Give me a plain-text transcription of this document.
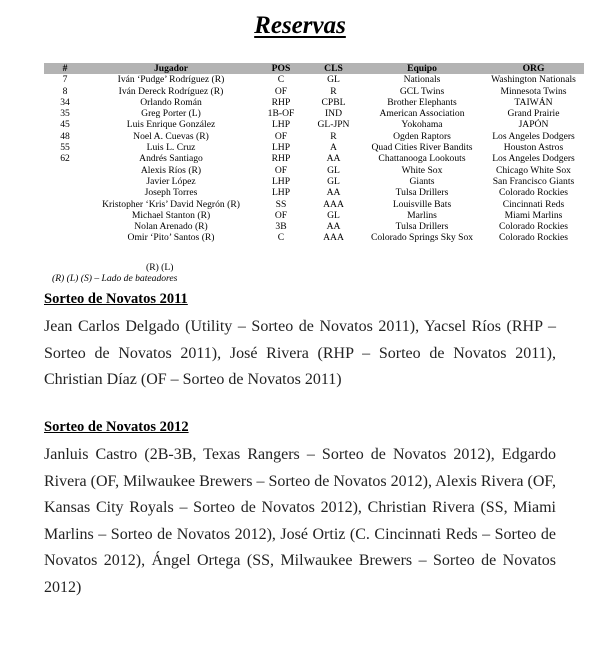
Reservas
#	Jugador	POS	CLS	Equipo	ORG
7	Iván ‘Pudge’ Rodríguez (R)	C	GL	Nationals	Washington Nationals
8	Iván Dereck Rodríguez (R)	OF	R	GCL Twins	Minnesota Twins
34	Orlando Román	RHP	CPBL	Brother Elephants	TAIWÁN
35	Greg Porter (L)	1B-OF	IND	American Association	Grand Prairie
45	Luis Enrique González	LHP	GL-JPN	Yokohama	JAPÓN
48	Noel A. Cuevas (R)	OF	R	Ogden Raptors	Los Angeles Dodgers
55	Luis L. Cruz	LHP	A	Quad Cities River Bandits	Houston Astros
62	Andrés Santiago	RHP	AA	Chattanooga Lookouts	Los Angeles Dodgers
	Alexis Ríos (R)	OF	GL	White Sox	Chicago White Sox
	Javier López	LHP	GL	Giants	San Francisco Giants
	Joseph Torres	LHP	AA	Tulsa Drillers	Colorado Rockies
	Kristopher ‘Kris’ David Negrón (R)	SS	AAA	Louisville Bats	Cincinnati Reds
	Michael Stanton (R)	OF	GL	Marlins	Miami Marlins
	Nolan Arenado (R)	3B	AA	Tulsa Drillers	Colorado Rockies
	Omir ‘Pito’ Santos (R)	C	AAA	Colorado Springs Sky Sox	Colorado Rockies
(R) (L)
(R) (L) (S) – Lado de bateadores
Sorteo de Novatos 2011

Jean Carlos Delgado (Utility – Sorteo de Novatos 2011), Yacsel Ríos (RHP – Sorteo de Novatos 2011), José Rivera (RHP – Sorteo de Novatos 2011), Christian Díaz (OF – Sorteo de Novatos 2011)

Sorteo de Novatos 2012

Janluis Castro (2B-3B, Texas Rangers – Sorteo de Novatos 2012), Edgardo Rivera (OF, Milwaukee Brewers – Sorteo de Novatos 2012), Alexis Rivera (OF, Kansas City Royals – Sorteo de Novatos 2012), Christian Rivera (SS, Miami Marlins – Sorteo de Novatos 2012), José Ortiz (C. Cincinnati Reds – Sorteo de Novatos 2012), Ángel Ortega (SS, Milwaukee Brewers – Sorteo de Novatos 2012)
